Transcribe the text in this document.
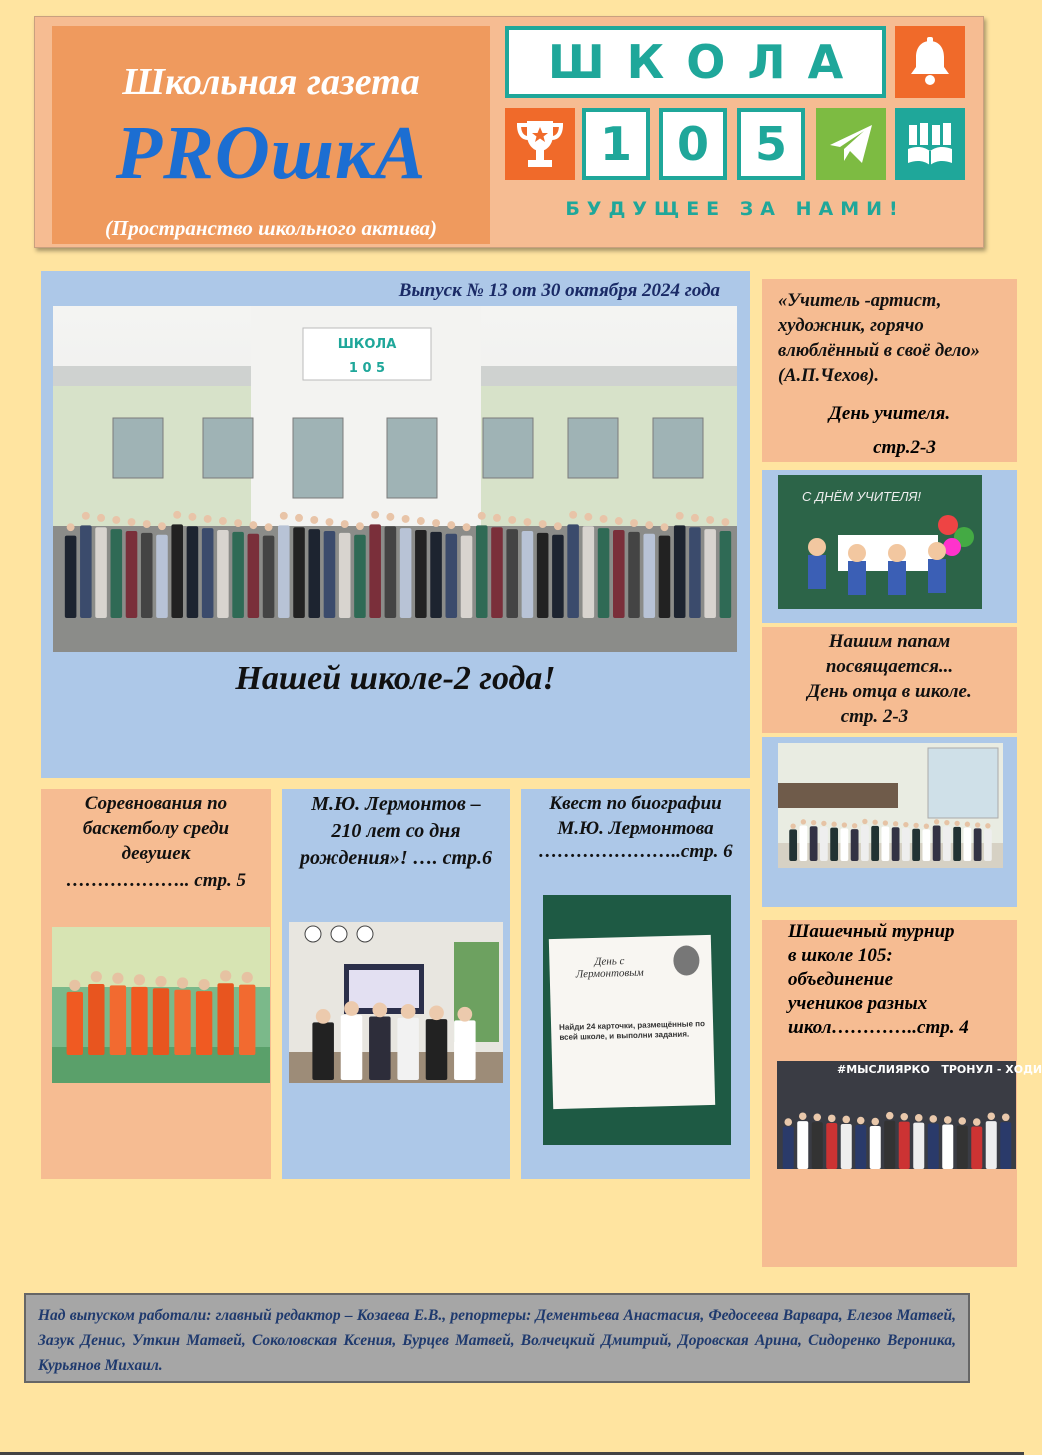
Школьная газета
PROшкА
(Пространство школьного актива)
ШКОЛА
1 0 5
БУДУЩЕЕ ЗА НАМИ!
Выпуск № 13 от 30 октября 2024 года
ШКОЛА
1 0 5
Нашей школе-2 года!
«Учитель -артист, художник, горячо влюблённый в своё дело» (А.П.Чехов).
День учителя.
стр.2-3
С ДНЁМ УЧИТЕЛЯ!
Нашим папам
посвящается...
День отца в школе.
стр. 2-3
Шашечный турнир
в школе 105:
объединение
учеников разных
школ…………..стр. 4
#МЫСЛИЯРКО   ТРОНУЛ - ХОДИ
Соревнования по
баскетболу среди
девушек
……………….. стр. 5
М.Ю. Лермонтов –
210 лет со дня
рождения»! …. стр.6
Квест по биографии
М.Ю. Лермонтова
…………………..стр. 6
День с Лермонтовым
Найди 24 карточки, размещённые по всей школе, и выполни задания.
Над выпуском работали: главный редактор – Козаева Е.В., репортеры: Дементьева Анастасия, Федосеева Варвара, Елезов Матвей, Зазук Денис, Уткин Матвей, Соколовская Ксения, Бурцев Матвей, Волчецкий Дмитрий, Доровская Арина, Сидоренко Вероника, Курьянов Михаил.
